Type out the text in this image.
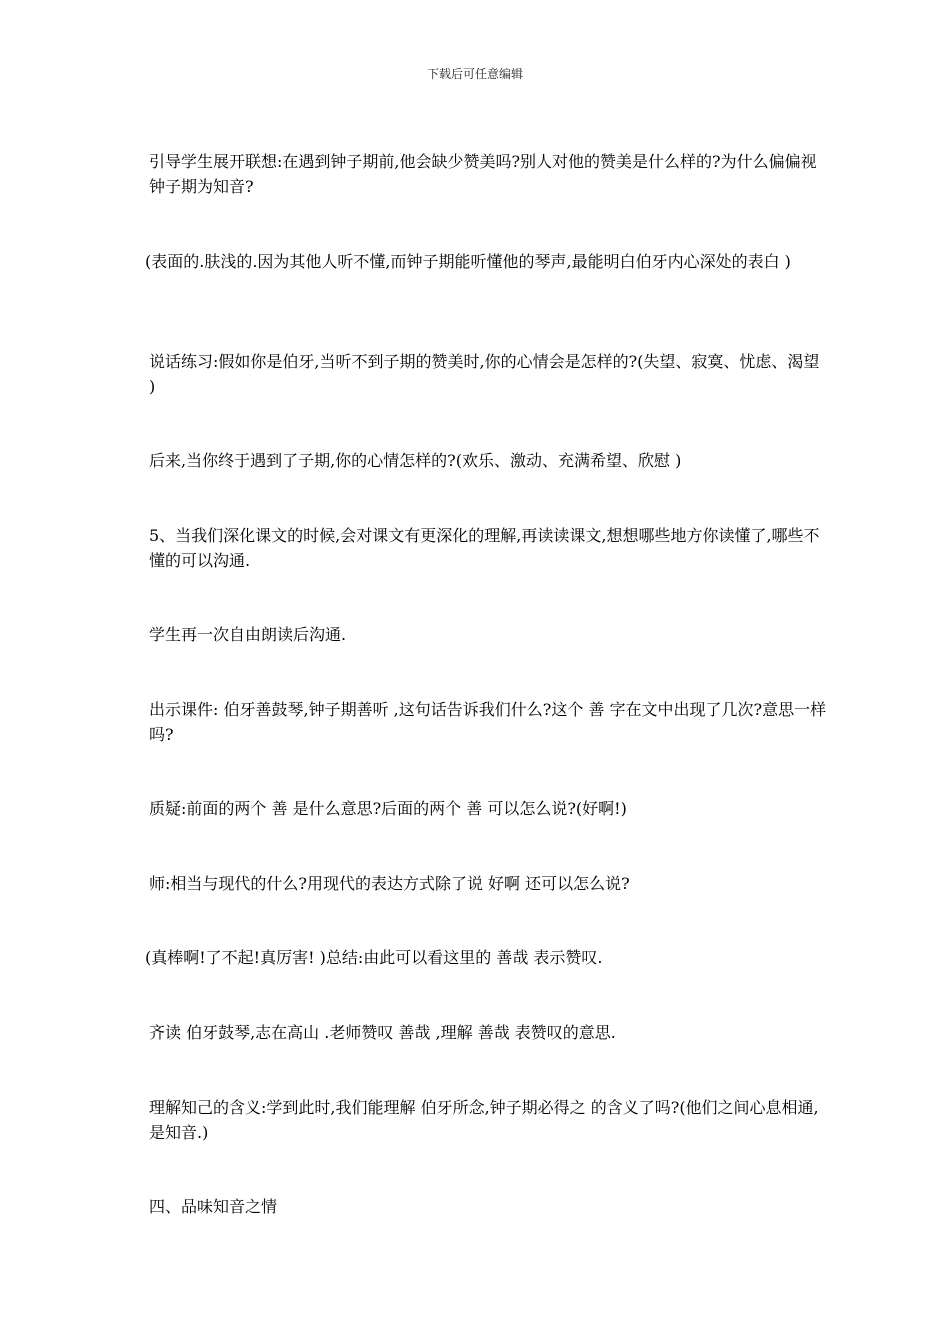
下载后可任意编辑
引导学生展开联想:在遇到钟子期前,他会缺少赞美吗?别人对他的赞美是什么样的?为什么偏偏视钟子期为知音?
(表面的.肤浅的.因为其他人听不懂,而钟子期能听懂他的琴声,最能明白伯牙内心深处的表白 )
说话练习:假如你是伯牙,当听不到子期的赞美时,你的心情会是怎样的?(失望、寂寞、忧虑、渴望 )
后来,当你终于遇到了子期,你的心情怎样的?(欢乐、激动、充满希望、欣慰 )
5、当我们深化课文的时候,会对课文有更深化的理解,再读读课文,想想哪些地方你读懂了,哪些不懂的可以沟通.
学生再一次自由朗读后沟通.
出示课件: 伯牙善鼓琴,钟子期善听 ,这句话告诉我们什么?这个 善 字在文中出现了几次?意思一样吗?
质疑:前面的两个 善 是什么意思?后面的两个 善 可以怎么说?(好啊!)
师:相当与现代的什么?用现代的表达方式除了说 好啊 还可以怎么说?
(真棒啊!了不起!真厉害! )总结:由此可以看这里的 善哉 表示赞叹.
齐读 伯牙鼓琴,志在高山 .老师赞叹 善哉 ,理解 善哉 表赞叹的意思.
理解知己的含义:学到此时,我们能理解 伯牙所念,钟子期必得之 的含义了吗?(他们之间心息相通,是知音.)
四、品味知音之情
